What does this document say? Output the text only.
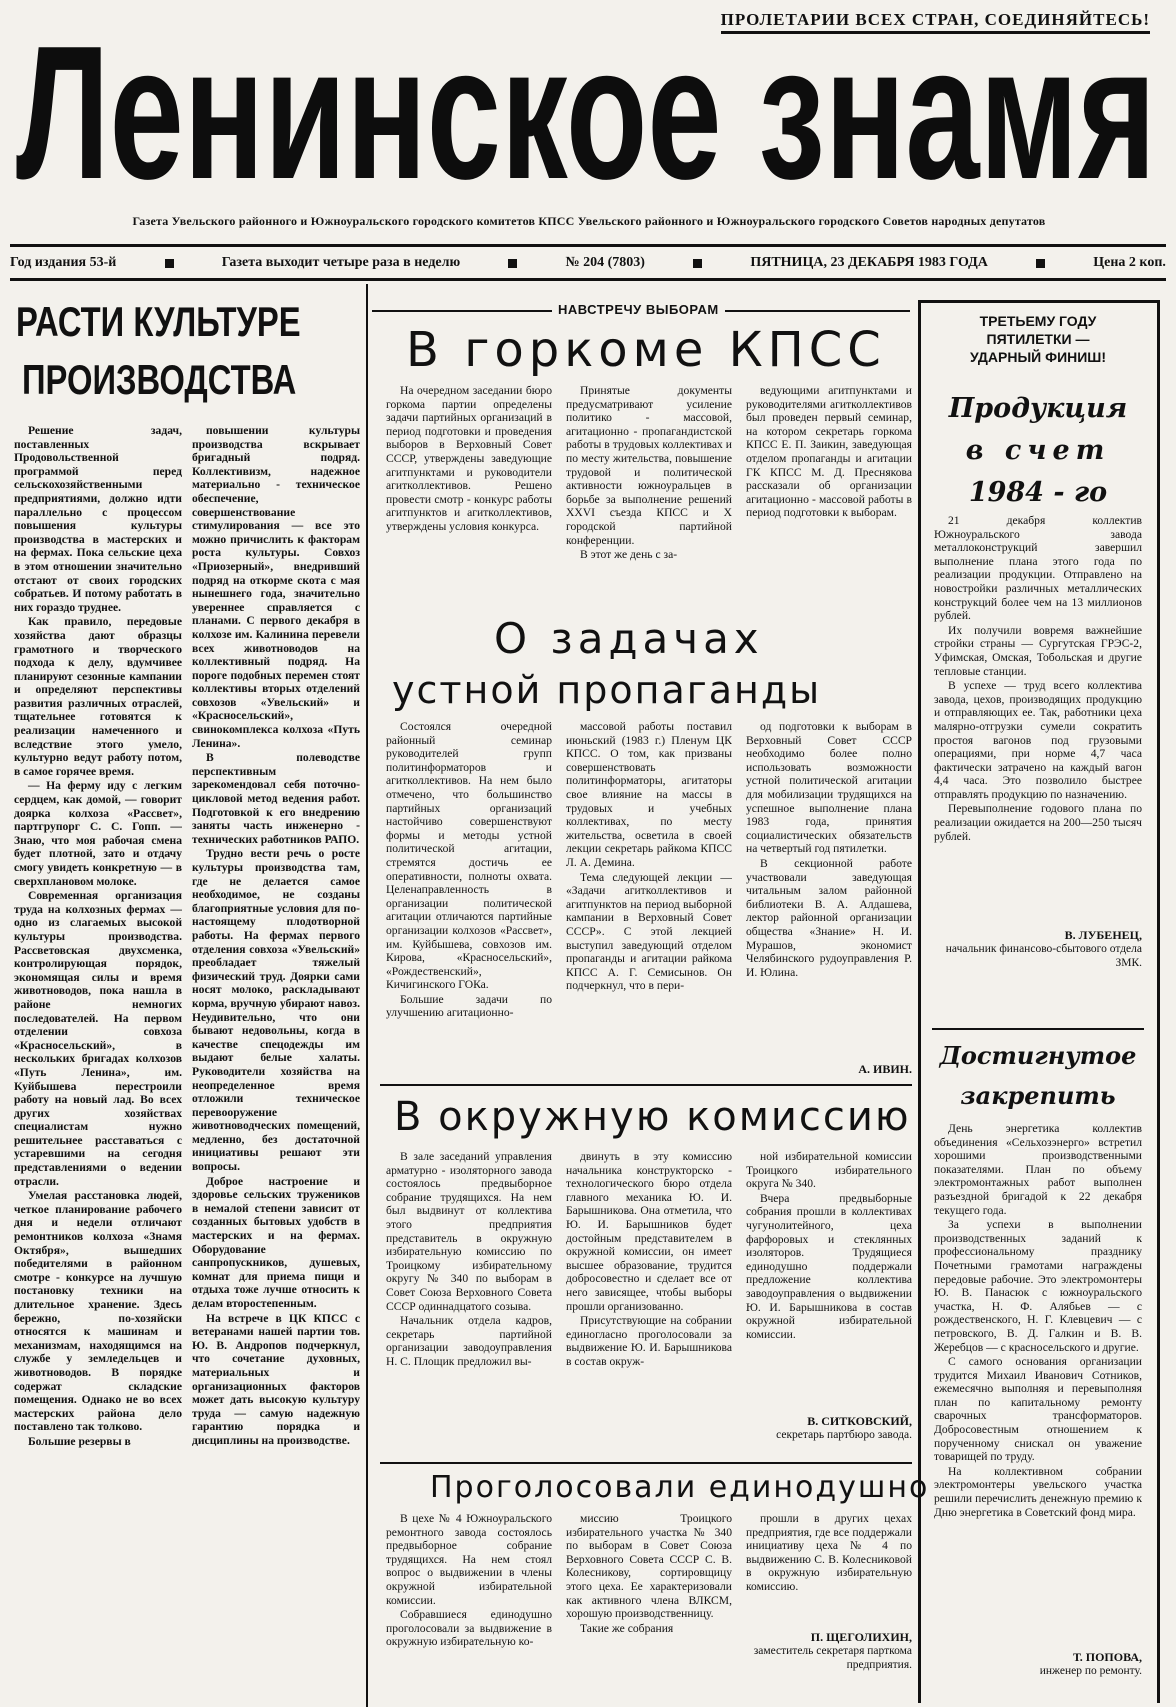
ПРОЛЕТАРИИ ВСЕХ СТРАН, СОЕДИНЯЙТЕСЬ!
Ленинское знамя
Газета Увельского районного и Южноуральского городского комитетов КПСС Увельского районного и Южноуральского городского Советов народных депутатов
Год издания 53-й	Газета выходит четыре раза в неделю	№ 204 (7803)	ПЯТНИЦА, 23 ДЕКАБРЯ 1983 ГОДА	Цена 2 коп.
РАСТИ КУЛЬТУРЕ
ПРОИЗВОДСТВА

Решение задач, поставленных Продовольственной программой перед сельскохозяйственными предприятиями, должно идти параллельно с процессом повышения культуры производства в мастерских и на фермах. Пока сельские цеха в этом отношении значительно отстают от своих городских собратьев. И потому работать в них гораздо труднее.

Как правило, передовые хозяйства дают образцы грамотного и творческого подхода к делу, вдумчивее планируют сезонные кампании и определяют перспективы развития различных отраслей, тщательнее готовятся к реализации намеченного и вследствие этого умело, культурно ведут работу потом, в самое горячее время.

— На ферму иду с легким сердцем, как домой, — говорит доярка колхоза «Рассвет», партгрупорг С. С. Гопп. — Знаю, что моя рабочая смена будет плотной, зато и отдачу смогу увидеть конкретную — в сверхплановом молоке.

Современная организация труда на колхозных фермах — одно из слагаемых высокой культуры производства. Рассветовская двухсменка, контролирующая порядок, экономящая силы и время животноводов, пока нашла в районе немногих последователей. На первом отделении совхоза «Красносельский», в нескольких бригадах колхозов «Путь Ленина», им. Куйбышева перестроили работу на новый лад. Во всех других хозяйствах специалистам нужно решительнее расставаться с устаревшими на сегодня представлениями о ведении отрасли.

Умелая расстановка людей, четкое планирование рабочего дня и недели отличают ремонтников колхоза «Знамя Октября», вышедших победителями в районном смотре - конкурсе на лучшую постановку техники на длительное хранение. Здесь бережно, по-хозяйски относятся к машинам и механизмам, находящимся на службе у земледельцев и животноводов. В порядке содержат складские помещения. Однако не во всех мастерских района дело поставлено так толково.

Большие резервы в

повышении культуры производства вскрывает бригадный подряд. Коллективизм, надежное материально - техническое обеспечение, совершенствование стимулирования — все это можно причислить к факторам роста культуры. Совхоз «Приозерный», внедривший подряд на откорме скота с мая нынешнего года, значительно увереннее справляется с планами. С первого декабря в колхозе им. Калинина перевели всех животноводов на коллективный подряд. На пороге подобных перемен стоят коллективы вторых отделений совхозов «Увельский» и «Красносельский», свинокомплекса колхоза «Путь Ленина».

В полеводстве перспективным зарекомендовал себя поточно-цикловой метод ведения работ. Подготовкой к его внедрению заняты часть инженерно - технических работников РАПО.

Трудно вести речь о росте культуры производства там, где не делается самое необходимое, не созданы благоприятные условия для по-настоящему плодотворной работы. На фермах первого отделения совхоза «Увельский» преобладает тяжелый физический труд. Доярки сами носят молоко, раскладывают корма, вручную убирают навоз. Неудивительно, что они бывают недовольны, когда в качестве спецодежды им выдают белые халаты. Руководители хозяйства на неопределенное время отложили техническое перевооружение животноводческих помещений, медленно, без достаточной инициативы решают эти вопросы.

Доброе настроение и здоровье сельских тружеников в немалой степени зависит от созданных бытовых удобств в мастерских и на фермах. Оборудование санпропускников, душевых, комнат для приема пищи и отдыха тоже лучше относить к делам второстепенным.

На встрече в ЦК КПСС с ветеранами нашей партии тов. Ю. В. Андропов подчеркнул, что сочетание духовных, материальных и организационных факторов может дать высокую культуру труда — самую надежную гарантию порядка и дисциплины на производстве.

НАВСТРЕЧУ ВЫБОРАМ
В горкоме КПСС

На очередном заседании бюро горкома партии определены задачи партийных организаций в период подготовки и проведения выборов в Верховный Совет СССР, утверждены заведующие агитпунктами и руководители агитколлективов. Решено провести смотр - конкурс работы агитпунктов и агитколлективов, утверждены условия конкурса.

Принятые документы предусматривают усиление политико - массовой, агитационно - пропагандистской работы в трудовых коллективах и по месту жительства, повышение трудовой и политической активности южноуральцев в борьбе за выполнение решений XXVI съезда КПСС и X городской партийной конференции.

В этот же день с за-

ведующими агитпунктами и руководителями агитколлективов был проведен первый семинар, на котором секретарь горкома КПСС Е. П. Заикин, заведующая отделом пропаганды и агитации ГК КПСС М. Д. Преснякова рассказали об организации агитационно - массовой работы в период подготовки к выборам.

О задачах
устной пропаганды

Состоялся очередной районный семинар руководителей групп политинформаторов и агитколлективов. На нем было отмечено, что большинство партийных организаций настойчиво совершенствуют формы и методы устной политической агитации, стремятся достичь ее оперативности, полноты охвата. Целенаправленность в организации политической агитации отличаются партийные организации колхозов «Рассвет», им. Куйбышева, совхозов им. Кирова, «Красносельский», «Рождественский», Кичигинского ГОКа.

Большие задачи по улучшению агитационно-

массовой работы поставил июньский (1983 г.) Пленум ЦК КПСС. О том, как призваны совершенствовать политинформаторы, агитаторы свое влияние на массы в трудовых и учебных коллективах, по месту жительства, осветила в своей лекции секретарь райкома КПСС Л. А. Демина.

Тема следующей лекции — «Задачи агитколлективов и агитпунктов на период выборной кампании в Верховный Совет СССР». С этой лекцией выступил заведующий отделом пропаганды и агитации райкома КПСС А. Г. Семисынов. Он подчеркнул, что в пери-

од подготовки к выборам в Верховный Совет СССР необходимо более полно использовать возможности устной политической агитации для мобилизации трудящихся на успешное выполнение плана 1983 года, принятия социалистических обязательств на четвертый год пятилетки.

В секционной работе участвовали заведующая читальным залом районной библиотеки В. А. Алдашева, лектор районной организации общества «Знание» Н. И. Мурашов, экономист Челябинского рудоуправления Р. И. Юлина.

А. ИВИН.
В окружную комиссию

В зале заседаний управления арматурно - изоляторного завода состоялось предвыборное собрание трудящихся. На нем был выдвинут от коллектива этого предприятия представитель в окружную избирательную комиссию по Троицкому избирательному округу № 340 по выборам в Совет Союза Верховного Совета СССР одиннадцатого созыва.

Начальник отдела кадров, секретарь партийной организации заводоуправления Н. С. Площик предложил вы-

двинуть в эту комиссию начальника конструкторско - технологического бюро отдела главного механика Ю. И. Барышникова. Она отметила, что Ю. И. Барышников будет достойным представителем в окружной комиссии, он имеет высшее образование, трудится добросовестно и сделает все от него зависящее, чтобы выборы прошли организованно.

Присутствующие на собрании единогласно проголосовали за выдвижение Ю. И. Барышникова в состав окруж-

ной избирательной комиссии Троицкого избирательного округа № 340.

Вчера предвыборные собрания прошли в коллективах чугунолитейного, цеха фарфоровых и стеклянных изоляторов. Трудящиеся единодушно поддержали предложение коллектива заводоуправления о выдвижении Ю. И. Барышникова в состав окружной избирательной комиссии.

В. СИТКОВСКИЙ,
секретарь партбюро завода.
Проголосовали единодушно

В цехе № 4 Южноуральского ремонтного завода состоялось предвыборное собрание трудящихся. На нем стоял вопрос о выдвижении в члены окружной избирательной комиссии.

Собравшиеся единодушно проголосовали за выдвижение в окружную избирательную ко-

миссию Троицкого избирательного участка № 340 по выборам в Совет Союза Верховного Совета СССР С. В. Колесникову, сортировщицу этого цеха. Ее характеризовали как активного члена ВЛКСМ, хорошую производственницу.

Такие же собрания

прошли в других цехах предприятия, где все поддержали инициативу цеха № 4 по выдвижению С. В. Колесниковой в окружную избирательную комиссию.

П. ЩЕГОЛИХИН,
заместитель секретаря парткома предприятия.
ТРЕТЬЕМУ ГОДУ
ПЯТИЛЕТКИ —
УДАРНЫЙ ФИНИШ!
Продукция
в счет
1984 - го

21 декабря коллектив Южноуральского завода металлоконструкций завершил выполнение плана этого года по реализации продукции. Отправлено на новостройки различных металлических конструкций более чем на 13 миллионов рублей.

Их получили вовремя важнейшие стройки страны — Сургутская ГРЭС-2, Уфимская, Омская, Тобольская и другие тепловые станции.

В успехе — труд всего коллектива завода, цехов, производящих продукцию и отправляющих ее. Так, работники цеха малярно-отгрузки сумели сократить простоя вагонов под грузовыми операциями, при норме 4,7 часа фактически затрачено на каждый вагон 4,4 часа. Это позволило быстрее отправлять продукцию по назначению.

Перевыполнение годового плана по реализации ожидается на 200—250 тысяч рублей.

В. ЛУБЕНЕЦ,
начальник финансово-сбытового отдела ЗМК.
Достигнутое
закрепить

День энергетика коллектив объединения «Сельхозэнерго» встретил хорошими производственными показателями. План по объему электромонтажных работ выполнен разъездной бригадой к 22 декабря текущего года.

За успехи в выполнении производственных заданий к профессиональному празднику Почетными грамотами награждены передовые рабочие. Это электромонтеры Ю. В. Панасюк с южноуральского участка, Н. Ф. Алябьев — с рождественского, Н. Г. Клевцевич — с петровского, В. Д. Галкин и В. В. Жеребцов — с красносельского и другие.

С самого основания организации трудится Михаил Иванович Сотников, ежемесячно выполняя и перевыполняя план по капитальному ремонту сварочных трансформаторов. Добросовестным отношением к порученному снискал он уважение товарищей по труду.

На коллективном собрании электромонтеры увельского участка решили перечислить денежную премию к Дню энергетика в Советский фонд мира.

Т. ПОПОВА,
инженер по ремонту.
